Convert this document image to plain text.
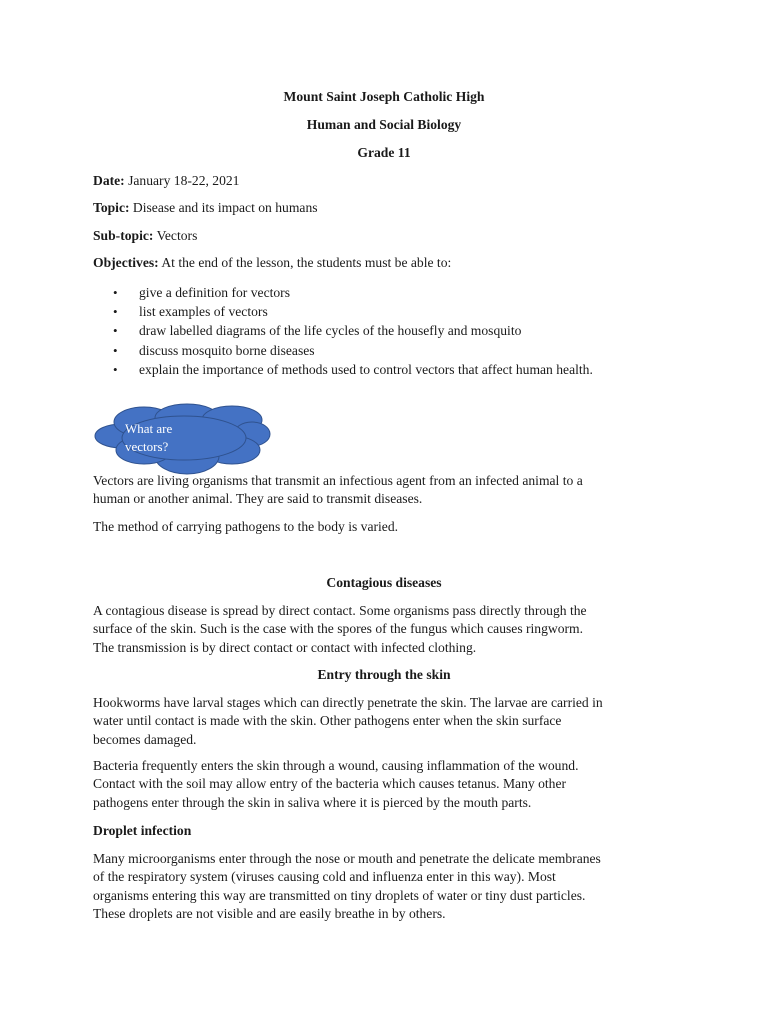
Mount Saint Joseph Catholic High
Human and Social Biology
Grade 11
Date: January 18-22, 2021
Topic: Disease and its impact on humans
Sub-topic: Vectors
Objectives: At the end of the lesson, the students must be able to:
• give a definition for vectors
• list examples of vectors
• draw labelled diagrams of the life cycles of the housefly and mosquito
• discuss mosquito borne diseases
• explain the importance of methods used to control vectors that affect human health.
What are
vectors?
Vectors are living organisms that transmit an infectious agent from an infected animal to a
human or another animal. They are said to transmit diseases.
The method of carrying pathogens to the body is varied.
Contagious diseases
A contagious disease is spread by direct contact. Some organisms pass directly through the
surface of the skin. Such is the case with the spores of the fungus which causes ringworm.
The transmission is by direct contact or contact with infected clothing.
Entry through the skin
Hookworms have larval stages which can directly penetrate the skin. The larvae are carried in
water until contact is made with the skin. Other pathogens enter when the skin surface
becomes damaged.
Bacteria frequently enters the skin through a wound, causing inflammation of the wound.
Contact with the soil may allow entry of the bacteria which causes tetanus. Many other
pathogens enter through the skin in saliva where it is pierced by the mouth parts.
Droplet infection
Many microorganisms enter through the nose or mouth and penetrate the delicate membranes
of the respiratory system (viruses causing cold and influenza enter in this way). Most
organisms entering this way are transmitted on tiny droplets of water or tiny dust particles.
These droplets are not visible and are easily breathe in by others.
